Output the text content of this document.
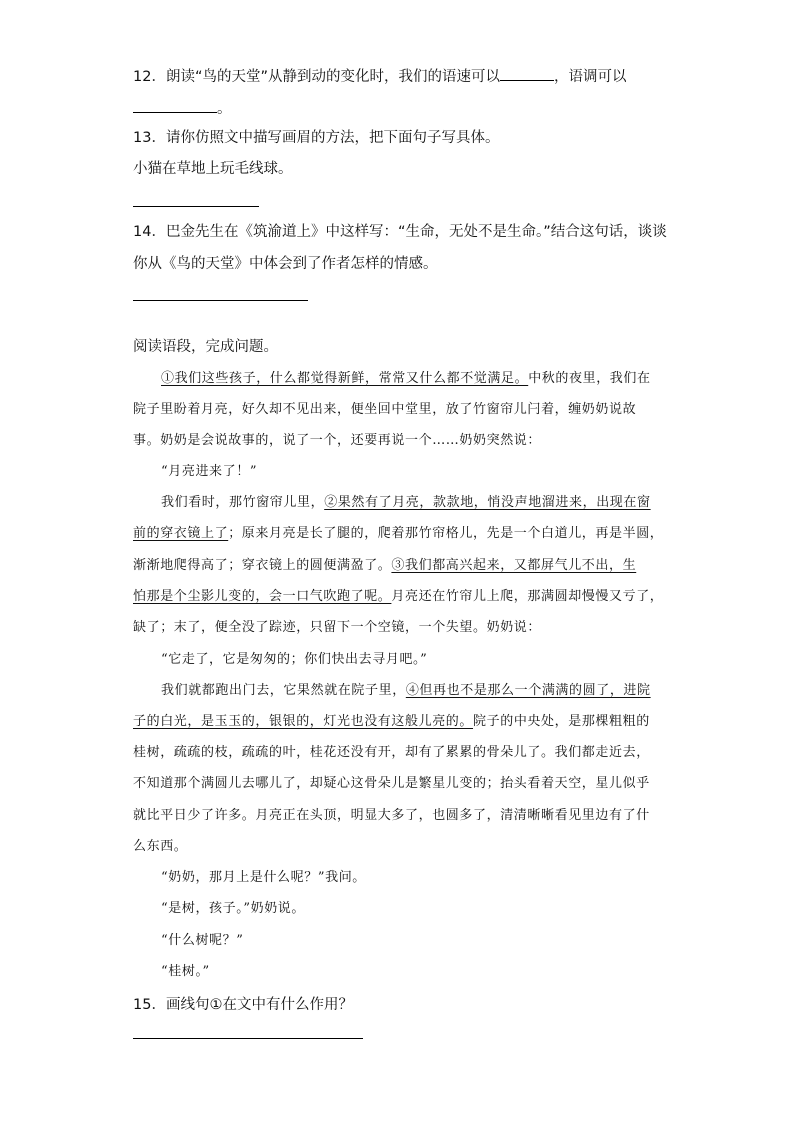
12．朗读“鸟的天堂”从静到动的变化时，我们的语速可以	，语调可以
。
13．请你仿照文中描写画眉的方法，把下面句子写具体。
小猫在草地上玩毛线球。
14．巴金先生在《筑渝道上》中这样写：“生命，无处不是生命。”结合这句话，谈谈
你从《鸟的天堂》中体会到了作者怎样的情感。
阅读语段，完成问题。
①我们这些孩子，什么都觉得新鲜，常常又什么都不觉满足。中秋的夜里，我们在
院子里盼着月亮，好久却不见出来，便坐回中堂里，放了竹窗帘儿闩着，缠奶奶说故
事。奶奶是会说故事的，说了一个，还要再说一个……奶奶突然说：
“月亮进来了！”
我们看时，那竹窗帘儿里，②果然有了月亮，款款地，悄没声地溜进来，出现在窗
前的穿衣镜上了；原来月亮是长了腿的，爬着那竹帘格儿，先是一个白道儿，再是半圆，
渐渐地爬得高了；穿衣镜上的圆便满盈了。③我们都高兴起来，又都屏气儿不出，生
怕那是个尘影儿变的，会一口气吹跑了呢。月亮还在竹帘儿上爬，那满圆却慢慢又亏了，
缺了；末了，便全没了踪迹，只留下一个空镜，一个失望。奶奶说：
“它走了，它是匆匆的；你们快出去寻月吧。”
我们就都跑出门去，它果然就在院子里，④但再也不是那么一个满满的圆了，进院
子的白光，是玉玉的，银银的，灯光也没有这般儿亮的。院子的中央处，是那棵粗粗的
桂树，疏疏的枝，疏疏的叶，桂花还没有开，却有了累累的骨朵儿了。我们都走近去，
不知道那个满圆儿去哪儿了，却疑心这骨朵儿是繁星儿变的；抬头看着天空，星儿似乎
就比平日少了许多。月亮正在头顶，明显大多了，也圆多了，清清晰晰看见里边有了什
么东西。
“奶奶，那月上是什么呢？”我问。
“是树，孩子。”奶奶说。
“什么树呢？”
“桂树。”
15．画线句①在文中有什么作用？
